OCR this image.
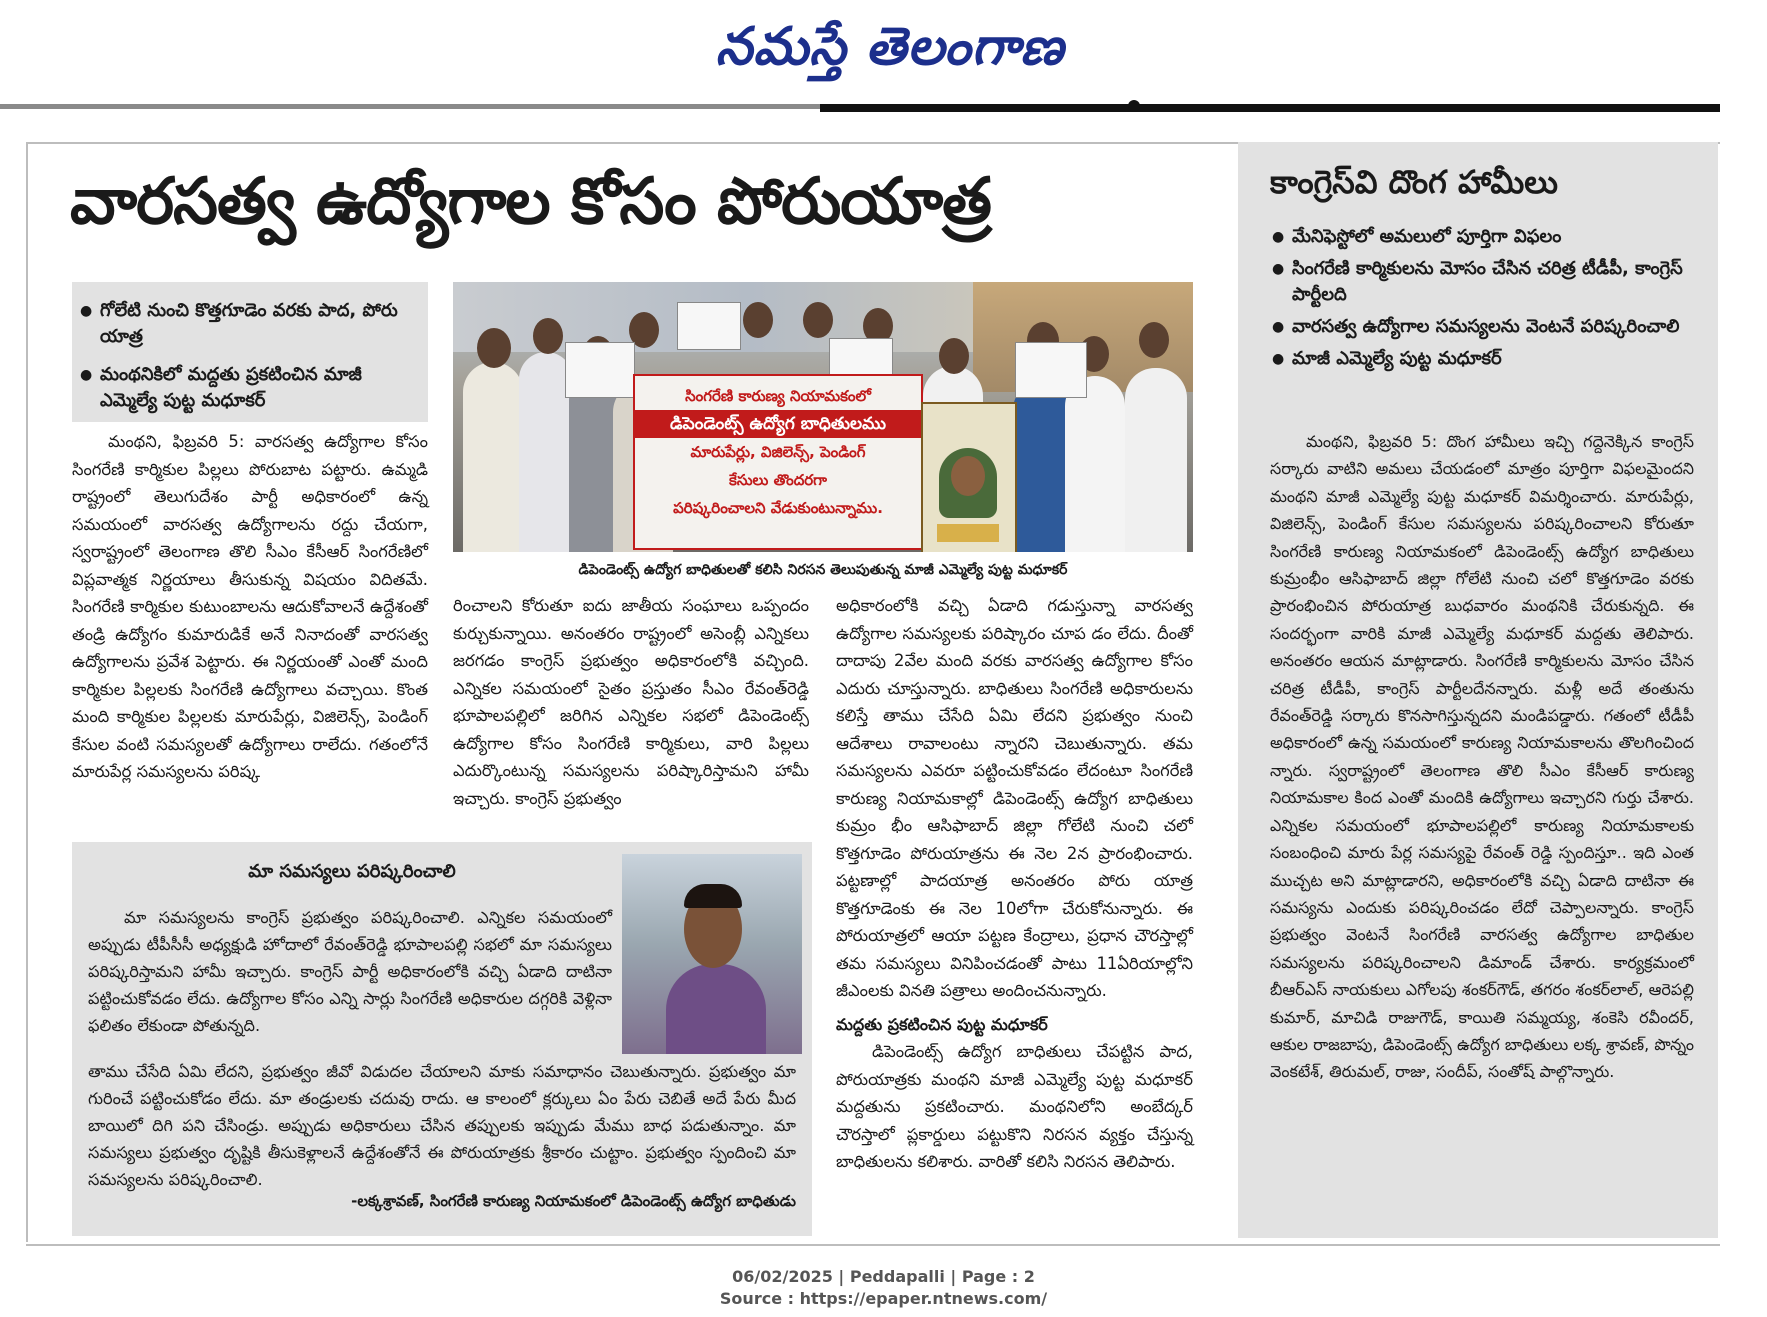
నమస్తే తెలంగాణ
వారసత్వ ఉద్యోగాల కోసం పోరుయాత్ర

● గోలేటి నుంచి కొత్తగూడెం వరకు పాద, పోరు యాత్ర

● మంథనికిలో మద్దతు ప్రకటించిన మాజీ ఎమ్మెల్యే పుట్ట మధూకర్	సింగరేణి కారుణ్య నియామకంలో
డిపెండెంట్స్ ఉద్యోగ బాధితులము
మారుపేర్లు, విజిలెన్స్, పెండింగ్
కేసులు తొందరగా
పరిష్కరించాలని వేడుకుంటున్నాము.
డిపెండెంట్స్ ఉద్యోగ బాధితులతో కలిసి నిరసన తెలుపుతున్న మాజీ ఎమ్మెల్యే పుట్ట మధూకర్

మంథని, ఫిబ్రవరి 5: వారసత్వ ఉద్యోగాల కోసం సింగరేణి కార్మికుల పిల్లలు పోరుబాట పట్టారు. ఉమ్మడి రాష్ట్రంలో తెలుగుదేశం పార్టీ అధికారంలో ఉన్న సమయంలో వారసత్వ ఉద్యోగాలను రద్దు చేయగా, స్వరాష్ట్రంలో తెలంగాణ తొలి సీఎం కేసీఆర్ సింగరేణిలో విప్లవాత్మక నిర్ణయాలు తీసుకున్న విషయం విదితమే. సింగరేణి కార్మికుల కుటుంబాలను ఆదుకోవాలనే ఉద్దేశంతో తండ్రి ఉద్యోగం కుమారుడికే అనే నినాదంతో వారసత్వ ఉద్యోగాలను ప్రవేశ పెట్టారు. ఈ నిర్ణయంతో ఎంతో మంది కార్మికుల పిల్లలకు సింగరేణి ఉద్యోగాలు వచ్చాయి. కొంత మంది కార్మికుల పిల్లలకు మారుపేర్లు, విజిలెన్స్, పెండింగ్ కేసుల వంటి సమస్యలతో ఉద్యోగాలు రాలేదు. గతంలోనే మారుపేర్ల సమస్యలను పరిష్క

రించాలని కోరుతూ ఐదు జాతీయ సంఘాలు ఒప్పందం కుర్చుకున్నాయి. అనంతరం రాష్ట్రంలో అసెంబ్లీ ఎన్నికలు జరగడం కాంగ్రెస్ ప్రభుత్వం అధికారంలోకి వచ్చింది. ఎన్నికల సమయంలో సైతం ప్రస్తుతం సీఎం రేవంత్‌రెడ్డి భూపాలపల్లిలో జరిగిన ఎన్నికల సభలో డిపెండెంట్స్ ఉద్యోగాల కోసం సింగరేణి కార్మికులు, వారి పిల్లలు ఎదుర్కొంటున్న సమస్యలను పరిష్కారిస్తామని హామీ ఇచ్చారు. కాంగ్రెస్ ప్రభుత్వం

అధికారంలోకి వచ్చి ఏడాది గడుస్తున్నా వారసత్వ ఉద్యోగాల సమస్యలకు పరిష్కారం చూప డం లేదు. దీంతో దాదాపు 2వేల మంది వరకు వారసత్వ ఉద్యోగాల కోసం ఎదురు చూస్తున్నారు. బాధితులు సింగరేణి అధికారులను కలిస్తే తాము చేసేది ఏమి లేదని ప్రభుత్వం నుంచి ఆదేశాలు రావాలంటు న్నారని చెబుతున్నారు. తమ సమస్యలను ఎవరూ పట్టించుకోవడం లేదంటూ సింగరేణి కారుణ్య నియామకాల్లో డిపెండెంట్స్ ఉద్యోగ బాధితులు కుమ్రం భీం ఆసిఫాబాద్ జిల్లా గోలేటి నుంచి చలో కొత్తగూడెం పోరుయాత్రను ఈ నెల 2న ప్రారంభించారు. పట్టణాల్లో పాదయాత్ర అనంతరం పోరు యాత్ర కొత్తగూడెంకు ఈ నెల 10లోగా చేరుకోనున్నారు. ఈ పోరుయాత్రలో ఆయా పట్టణ కేంద్రాలు, ప్రధాన చౌరస్తాల్లో తమ సమస్యలు వినిపించడంతో పాటు 11ఏరియాల్లోని జీఎంలకు వినతి పత్రాలు అందించనున్నారు.

మద్దతు ప్రకటించిన పుట్ట మధూకర్

డిపెండెంట్స్ ఉద్యోగ బాధితులు చేపట్టిన పాద, పోరుయాత్రకు మంథని మాజీ ఎమ్మెల్యే పుట్ట మధూకర్ మద్దతును ప్రకటించారు. మంథనిలోని అంబేద్కర్ చౌరస్తాలో ప్లకార్డులు పట్టుకొని నిరసన వ్యక్తం చేస్తున్న బాధితులను కలిశారు. వారితో కలిసి నిరసన తెలిపారు.

మా సమస్యలు పరిష్కరించాలి

మా సమస్యలను కాంగ్రెస్ ప్రభుత్వం పరిష్కరించాలి. ఎన్నికల సమయంలో అప్పుడు టీపీసీసీ అధ్యక్షుడి హోదాలో రేవంత్‌రెడ్డి భూపాలపల్లి సభలో మా సమస్యలు పరిష్కరిస్తామని హామీ ఇచ్చారు. కాంగ్రెస్ పార్టీ అధికారంలోకి వచ్చి ఏడాది దాటినా పట్టించుకోవడం లేదు. ఉద్యోగాల కోసం ఎన్ని సార్లు సింగరేణి అధికారుల దగ్గరికి వెళ్లినా ఫలితం లేకుండా పోతున్నది.

తాము చేసేది ఏమి లేదని, ప్రభుత్వం జీవో విడుదల చేయాలని మాకు సమాధానం చెబుతున్నారు. ప్రభుత్వం మా గురించే పట్టించుకోడం లేదు. మా తండ్రులకు చదువు రాదు. ఆ కాలంలో క్లర్కులు ఏం పేరు చెబితే అదే పేరు మీద బాయిలో దిగి పని చేసిండ్రు. అప్పుడు అధికారులు చేసిన తప్పులకు ఇప్పుడు మేము బాధ పడుతున్నాం. మా సమస్యలు ప్రభుత్వం దృష్టికి తీసుకెళ్లాలనే ఉద్దేశంతోనే ఈ పోరుయాత్రకు శ్రీకారం చుట్టాం. ప్రభుత్వం స్పందించి మా సమస్యలను పరిష్కరించాలి.

-లక్కశ్రావణ్, సింగరేణి కారుణ్య నియామకంలో డిపెండెంట్స్ ఉద్యోగ బాధితుడు
కాంగ్రెస్‌వి దొంగ హామీలు

● మేనిఫెస్టోలో అమలులో పూర్తిగా విఫలం

● సింగరేణి కార్మికులను మోసం చేసిన చరిత్ర టీడీపీ, కాంగ్రెస్ పార్టీలది

● వారసత్వ ఉద్యోగాల సమస్యలను వెంటనే పరిష్కరించాలి

● మాజీ ఎమ్మెల్యే పుట్ట మధూకర్

మంథని, ఫిబ్రవరి 5: దొంగ హామీలు ఇచ్చి గద్దెనెక్కిన కాంగ్రెస్ సర్కారు వాటిని అమలు చేయడంలో మాత్రం పూర్తిగా విఫలమైందని మంథని మాజీ ఎమ్మెల్యే పుట్ట మధూకర్ విమర్శించారు. మారుపేర్లు, విజిలెన్స్, పెండింగ్ కేసుల సమస్యలను పరిష్కరించాలని కోరుతూ సింగరేణి కారుణ్య నియామకంలో డిపెండెంట్స్ ఉద్యోగ బాధితులు కుమ్రంభీం ఆసిఫాబాద్ జిల్లా గోలేటి నుంచి చలో కొత్తగూడెం వరకు ప్రారంభించిన పోరుయాత్ర బుధవారం మంథనికి చేరుకున్నది. ఈ సందర్భంగా వారికి మాజీ ఎమ్మెల్యే మధూకర్ మద్దతు తెలిపారు. అనంతరం ఆయన మాట్లాడారు. సింగరేణి కార్మికులను మోసం చేసిన చరిత్ర టీడీపీ, కాంగ్రెస్ పార్టీలదేనన్నారు. మళ్లీ అదే తంతును రేవంత్‌రెడ్డి సర్కారు కొనసాగిస్తున్నదని మండిపడ్డారు. గతంలో టీడీపీ అధికారంలో ఉన్న సమయంలో కారుణ్య నియామకాలను తొలగించింద న్నారు. స్వరాష్ట్రంలో తెలంగాణ తొలి సీఎం కేసీఆర్ కారుణ్య నియామకాల కింద ఎంతో మందికి ఉద్యోగాలు ఇచ్చారని గుర్తు చేశారు. ఎన్నికల సమయంలో భూపాలపల్లిలో కారుణ్య నియామకాలకు సంబంధించి మారు పేర్ల సమస్యపై రేవంత్ రెడ్డి స్పందిస్తూ.. ఇది ఎంత ముచ్చట అని మాట్లాడారని, అధికారంలోకి వచ్చి ఏడాది దాటినా ఈ సమస్యను ఎందుకు పరిష్కరించడం లేదో చెప్పాలన్నారు. కాంగ్రెస్ ప్రభుత్వం వెంటనే సింగరేణి వారసత్వ ఉద్యోగాల బాధితుల సమస్యలను పరిష్కరించాలని డిమాండ్ చేశారు. కార్యక్రమంలో బీఆర్ఎస్ నాయకులు ఎగోలపు శంకర్‌గౌడ్, తగరం శంకర్‌లాల్, ఆరెపల్లి కుమార్, మాచిడి రాజుగౌడ్, కాయితి సమ్మయ్య, శంకెసి రవీందర్, ఆకుల రాజబాపు, డిపెండెంట్స్ ఉద్యోగ బాధితులు లక్క శ్రావణ్, పొన్నం వెంకటేశ్, తిరుమల్, రాజు, సందీప్, సంతోష్ పాల్గొన్నారు.

06/02/2025 | Peddapalli | Page : 2
Source : https://epaper.ntnews.com/
